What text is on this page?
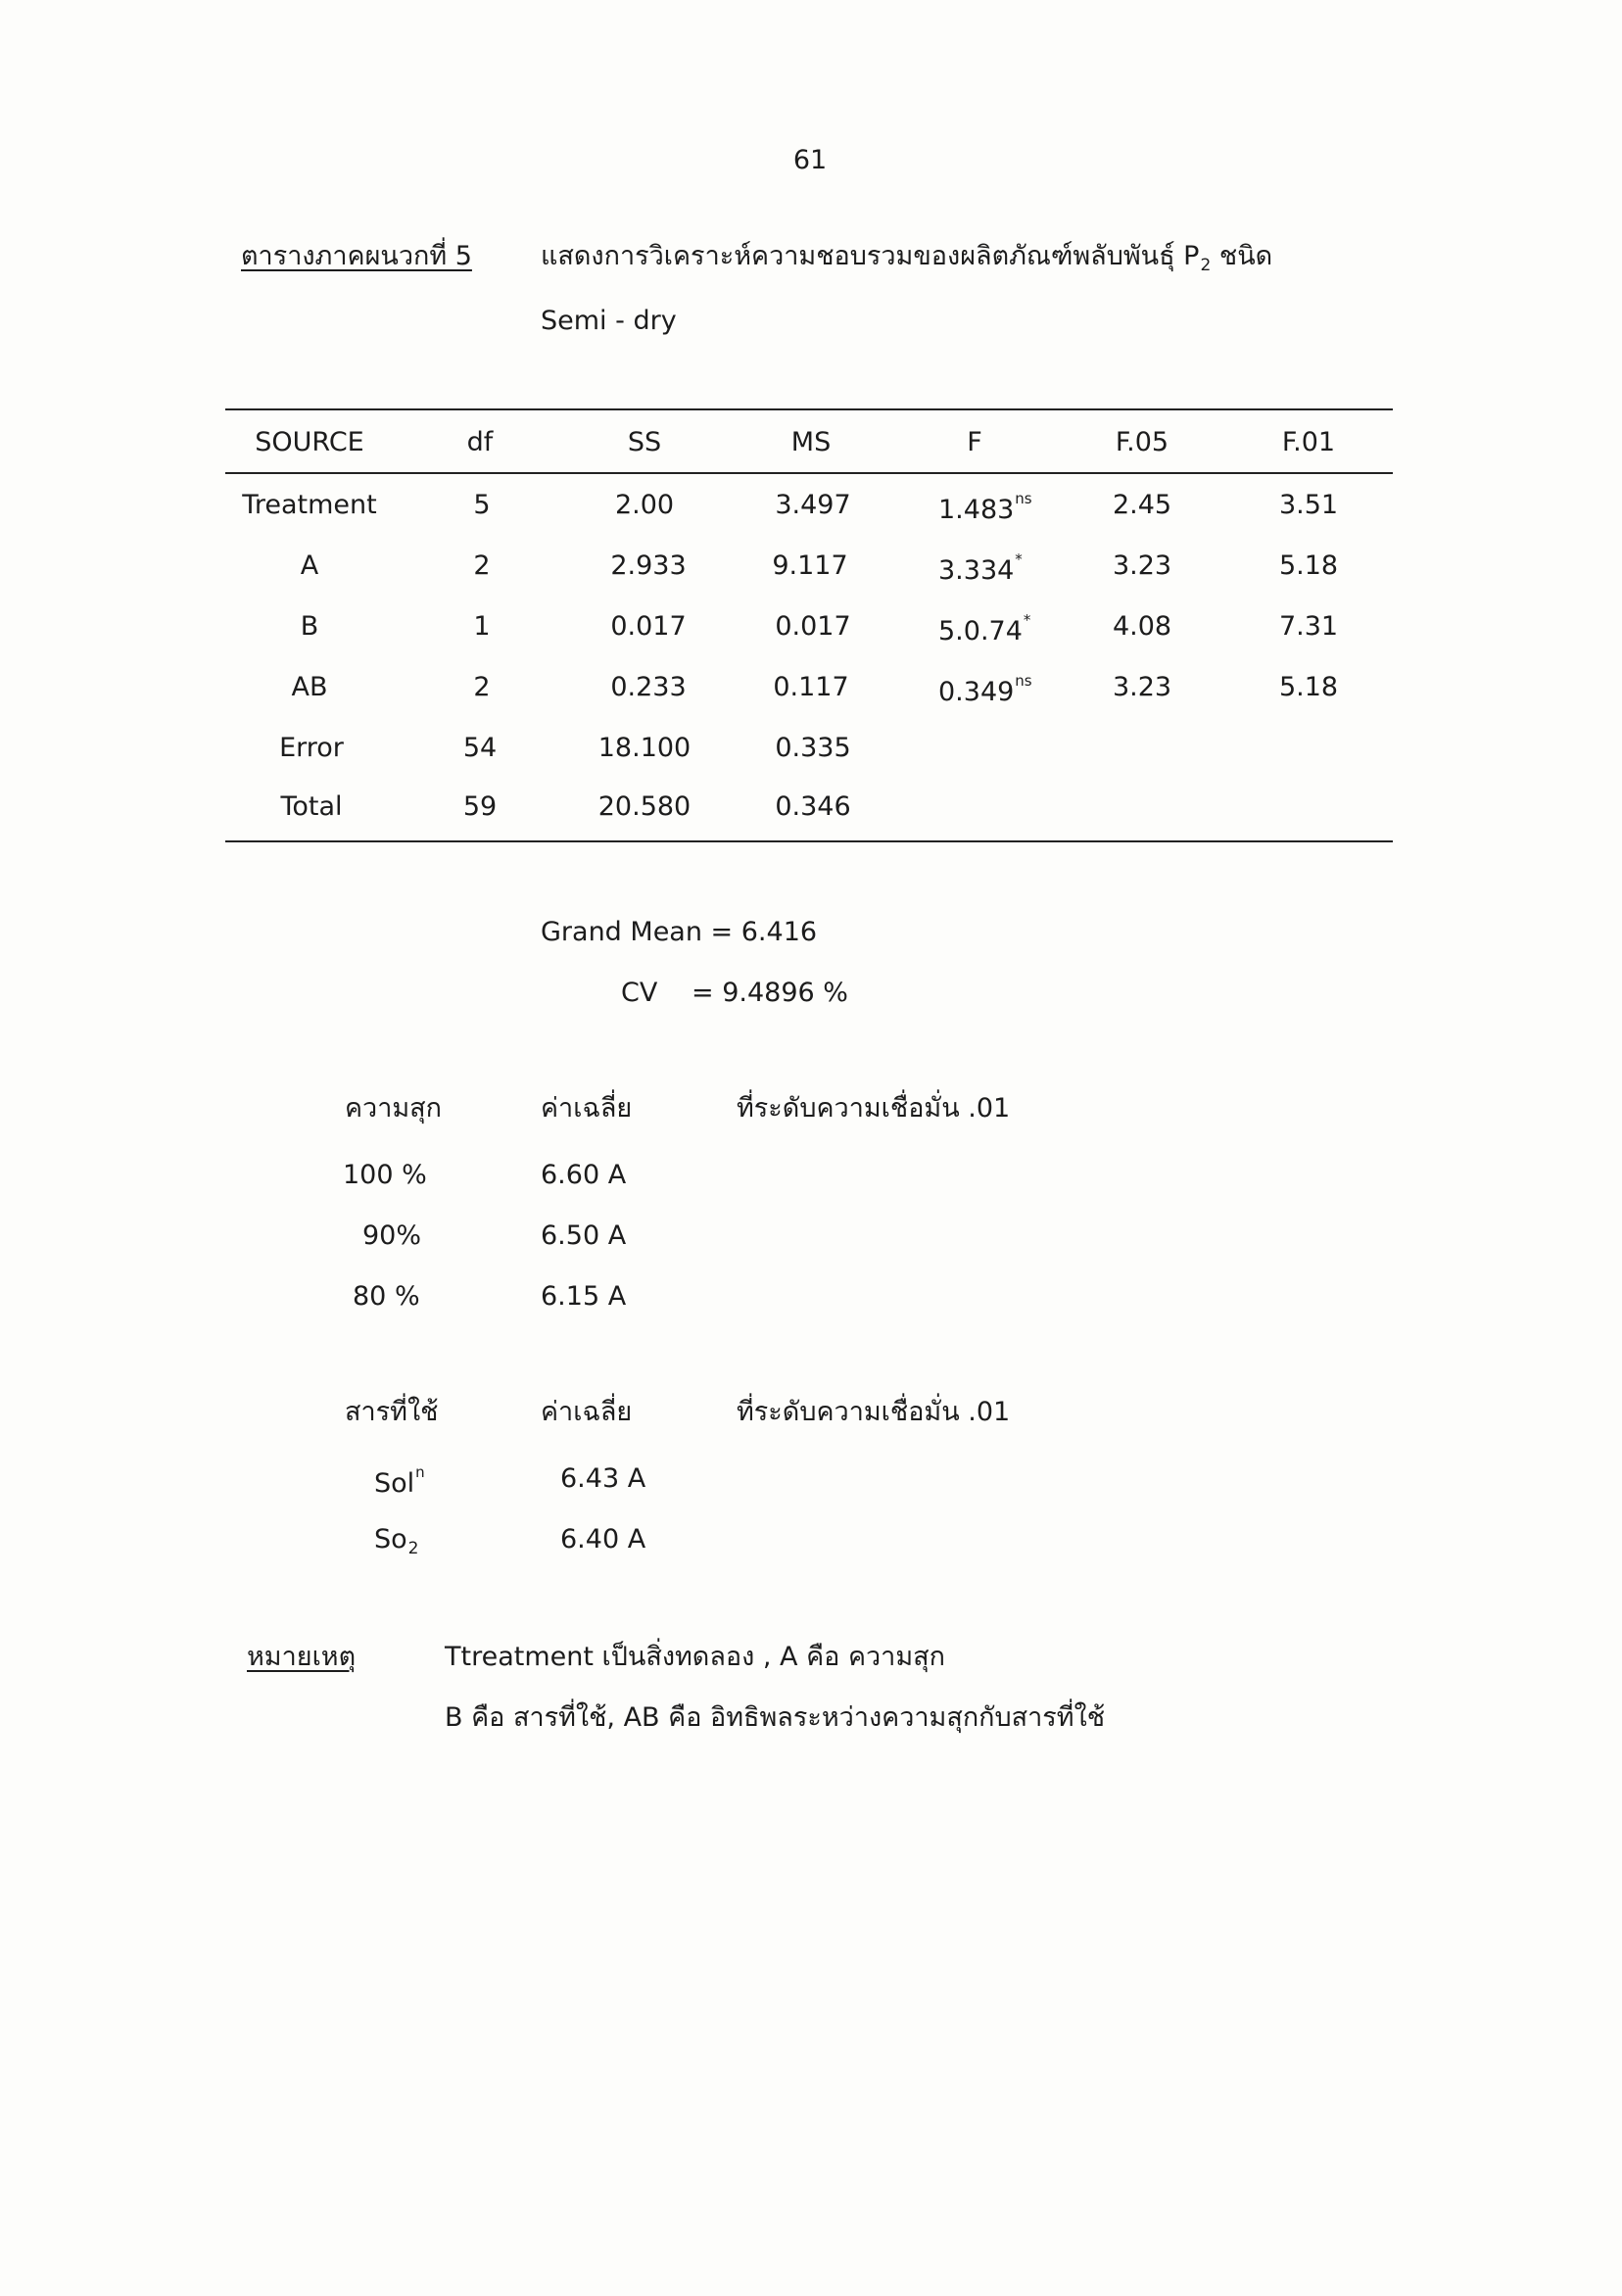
61
ตารางภาคผนวกที่ 5	แสดงการวิเคราะห์ความชอบรวมของผลิตภัณฑ์พลับพันธุ์ $P_2$ ชนิด
Semi - dry
SOURCE	df	SS	MS	F	F.05	F.01
Treatment	5	2.00	3.497	$1.483^{ns}$	2.45	3.51
A	2	2.933	9.117	3.334*	3.23	5.18
B	1	0.017	0.017	5.0.74*	4.08	7.31
AB	2	0.233	0.117	$0.349^{ns}$	3.23	5.18
Error	54	18.100	0.335
Total	59	20.580	0.346
Grand Mean = 6.416
CV = 9.4896 %
ความสุก	ค่าเฉลี่ย	ที่ระดับความเชื่อมั่น .01
100 %	6.60 A
90%	6.50 A
80 %	6.15 A
สารที่ใช้	ค่าเฉลี่ย	ที่ระดับความเชื่อมั่น .01
Sol$^n$	6.43 A
$So_2$	6.40 A
หมายเหตุ	Ttreatment เป็นสิ่งทดลอง , A คือ ความสุก
B คือ สารที่ใช้, AB คือ อิทธิพลระหว่างความสุกกับสารที่ใช้
